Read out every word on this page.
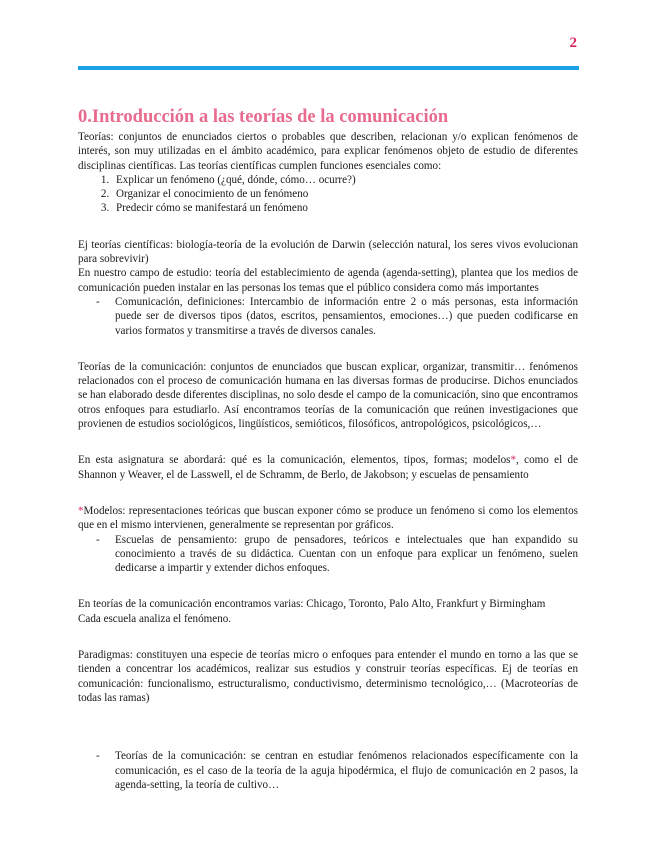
2
0.Introducción a las teorías de la comunicación

Teorías: conjuntos de enunciados ciertos o probables que describen, relacionan y/o explican fenómenos de interés, son muy utilizadas en el ámbito académico, para explicar fenómenos objeto de estudio de diferentes disciplinas científicas. Las teorías científicas cumplen funciones esenciales como:

1. Explicar un fenómeno (¿qué, dónde, cómo… ocurre?)
2. Organizar el conocimiento de un fenómeno
3. Predecir cómo se manifestará un fenómeno

Ej teorías científicas: biología-teoría de la evolución de Darwin (selección natural, los seres vivos evolucionan para sobrevivir)

En nuestro campo de estudio: teoría del establecimiento de agenda (agenda-setting), plantea que los medios de comunicación pueden instalar en las personas los temas que el público considera como más importantes

- Comunicación, definiciones: Intercambio de información entre 2 o más personas, esta información puede ser de diversos tipos (datos, escritos, pensamientos, emociones…) que pueden codificarse en varios formatos y transmitirse a través de diversos canales.

Teorías de la comunicación: conjuntos de enunciados que buscan explicar, organizar, transmitir… fenómenos relacionados con el proceso de comunicación humana en las diversas formas de producirse. Dichos enunciados se han elaborado desde diferentes disciplinas, no solo desde el campo de la comunicación, sino que encontramos otros enfoques para estudiarlo. Así encontramos teorías de la comunicación que reúnen investigaciones que provienen de estudios sociológicos, lingüísticos, semióticos, filosóficos, antropológicos, psicológicos,…

En esta asignatura se abordará: qué es la comunicación, elementos, tipos, formas; modelos*, como el de Shannon y Weaver, el de Lasswell, el de Schramm, de Berlo, de Jakobson; y escuelas de pensamiento

*Modelos: representaciones teóricas que buscan exponer cómo se produce un fenómeno si como los elementos que en el mismo intervienen, generalmente se representan por gráficos.

- Escuelas de pensamiento: grupo de pensadores, teóricos e intelectuales que han expandido su conocimiento a través de su didáctica. Cuentan con un enfoque para explicar un fenómeno, suelen dedicarse a impartir y extender dichos enfoques.

En teorías de la comunicación encontramos varias: Chicago, Toronto, Palo Alto, Frankfurt y Birmingham

Cada escuela analiza el fenómeno.

Paradigmas: constituyen una especie de teorías micro o enfoques para entender el mundo en torno a las que se tienden a concentrar los académicos, realizar sus estudios y construir teorías específicas. Ej de teorías en comunicación: funcionalismo, estructuralismo, conductivismo, determinismo tecnológico,… (Macroteorías de todas las ramas)

- Teorías de la comunicación: se centran en estudiar fenómenos relacionados específicamente con la comunicación, es el caso de la teoría de la aguja hipodérmica, el flujo de comunicación en 2 pasos, la agenda-setting, la teoría de cultivo…
